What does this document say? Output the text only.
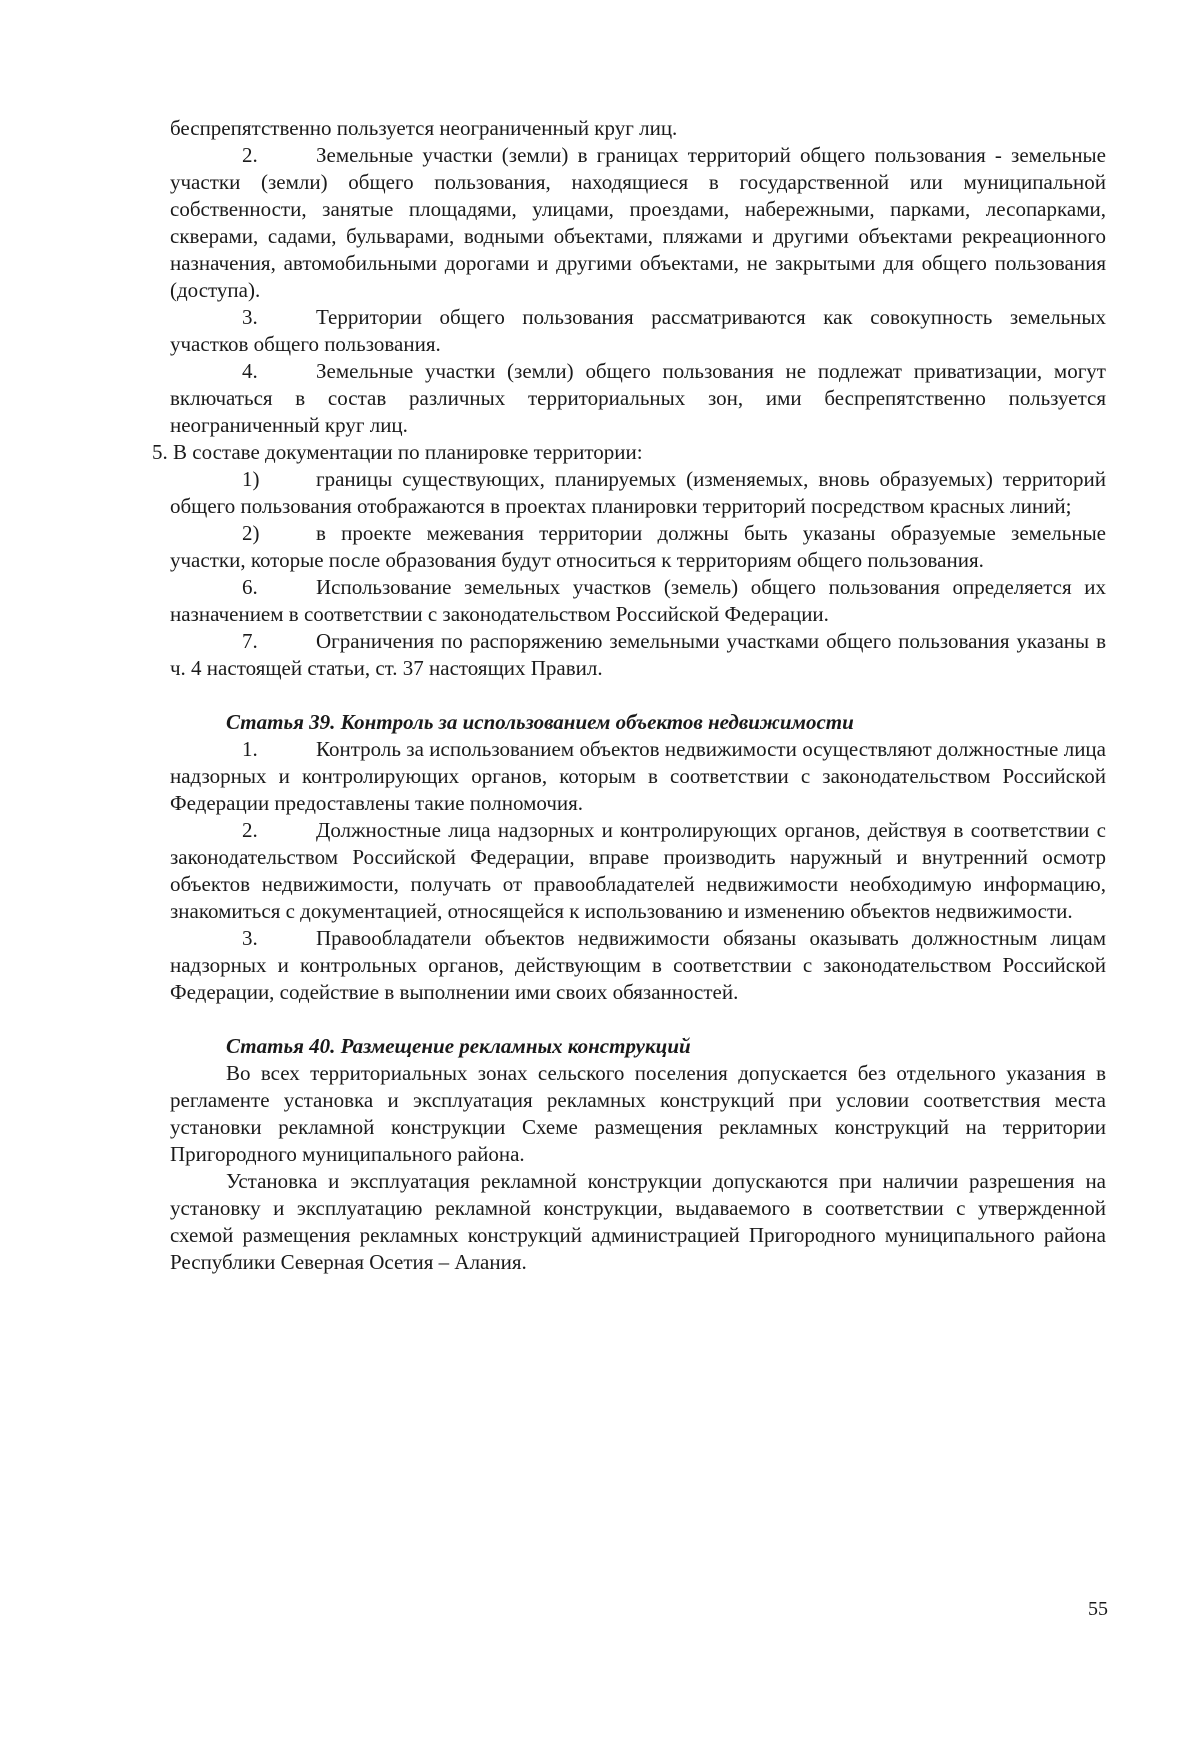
беспрепятственно пользуется неограниченный круг лиц.

2.	Земельные участки (земли) в границах территорий общего пользования - земельные участки (земли) общего пользования, находящиеся в государственной или муниципальной собственности, занятые площадями, улицами, проездами, набережными, парками, лесопарками, скверами, садами, бульварами, водными объектами, пляжами и другими объектами рекреационного назначения, автомобильными дорогами и другими объектами, не закрытыми для общего пользования (доступа).

3.	Территории общего пользования рассматриваются как совокупность земельных участков общего пользования.

4.	Земельные участки (земли) общего пользования не подлежат приватизации, могут включаться в состав различных территориальных зон, ими беспрепятственно пользуется неограниченный круг лиц.

5. В составе документации по планировке территории:

1)	границы существующих, планируемых (изменяемых, вновь образуемых) территорий общего пользования отображаются в проектах планировки территорий посредством красных линий;

2)	в проекте межевания территории должны быть указаны образуемые земельные участки, которые после образования будут относиться к территориям общего пользования.

6.	Использование земельных участков (земель) общего пользования определяется их назначением в соответствии с законодательством Российской Федерации.

7.	Ограничения по распоряжению земельными участками общего пользования указаны в ч. 4 настоящей статьи, ст. 37 настоящих Правил.

Статья 39. Контроль за использованием объектов недвижимости

1.	Контроль за использованием объектов недвижимости осуществляют должностные лица надзорных и контролирующих органов, которым в соответствии с законодательством Российской Федерации предоставлены такие полномочия.

2.	Должностные лица надзорных и контролирующих органов, действуя в соответствии с законодательством Российской Федерации, вправе производить наружный и внутренний осмотр объектов недвижимости, получать от правообладателей недвижимости необходимую информацию, знакомиться с документацией, относящейся к использованию и изменению объектов недвижимости.

3.	Правообладатели объектов недвижимости обязаны оказывать должностным лицам надзорных и контрольных органов, действующим в соответствии с законодательством Российской Федерации, содействие в выполнении ими своих обязанностей.

Статья 40. Размещение рекламных конструкций

Во всех территориальных зонах сельского поселения допускается без отдельного указания в регламенте установка и эксплуатация рекламных конструкций при условии соответствия места установки рекламной конструкции Схеме размещения рекламных конструкций на территории Пригородного муниципального района.

Установка и эксплуатация рекламной конструкции допускаются при наличии разрешения на установку и эксплуатацию рекламной конструкции, выдаваемого в соответствии с утвержденной схемой размещения рекламных конструкций администрацией Пригородного муниципального района Республики Северная Осетия – Алания.

55
